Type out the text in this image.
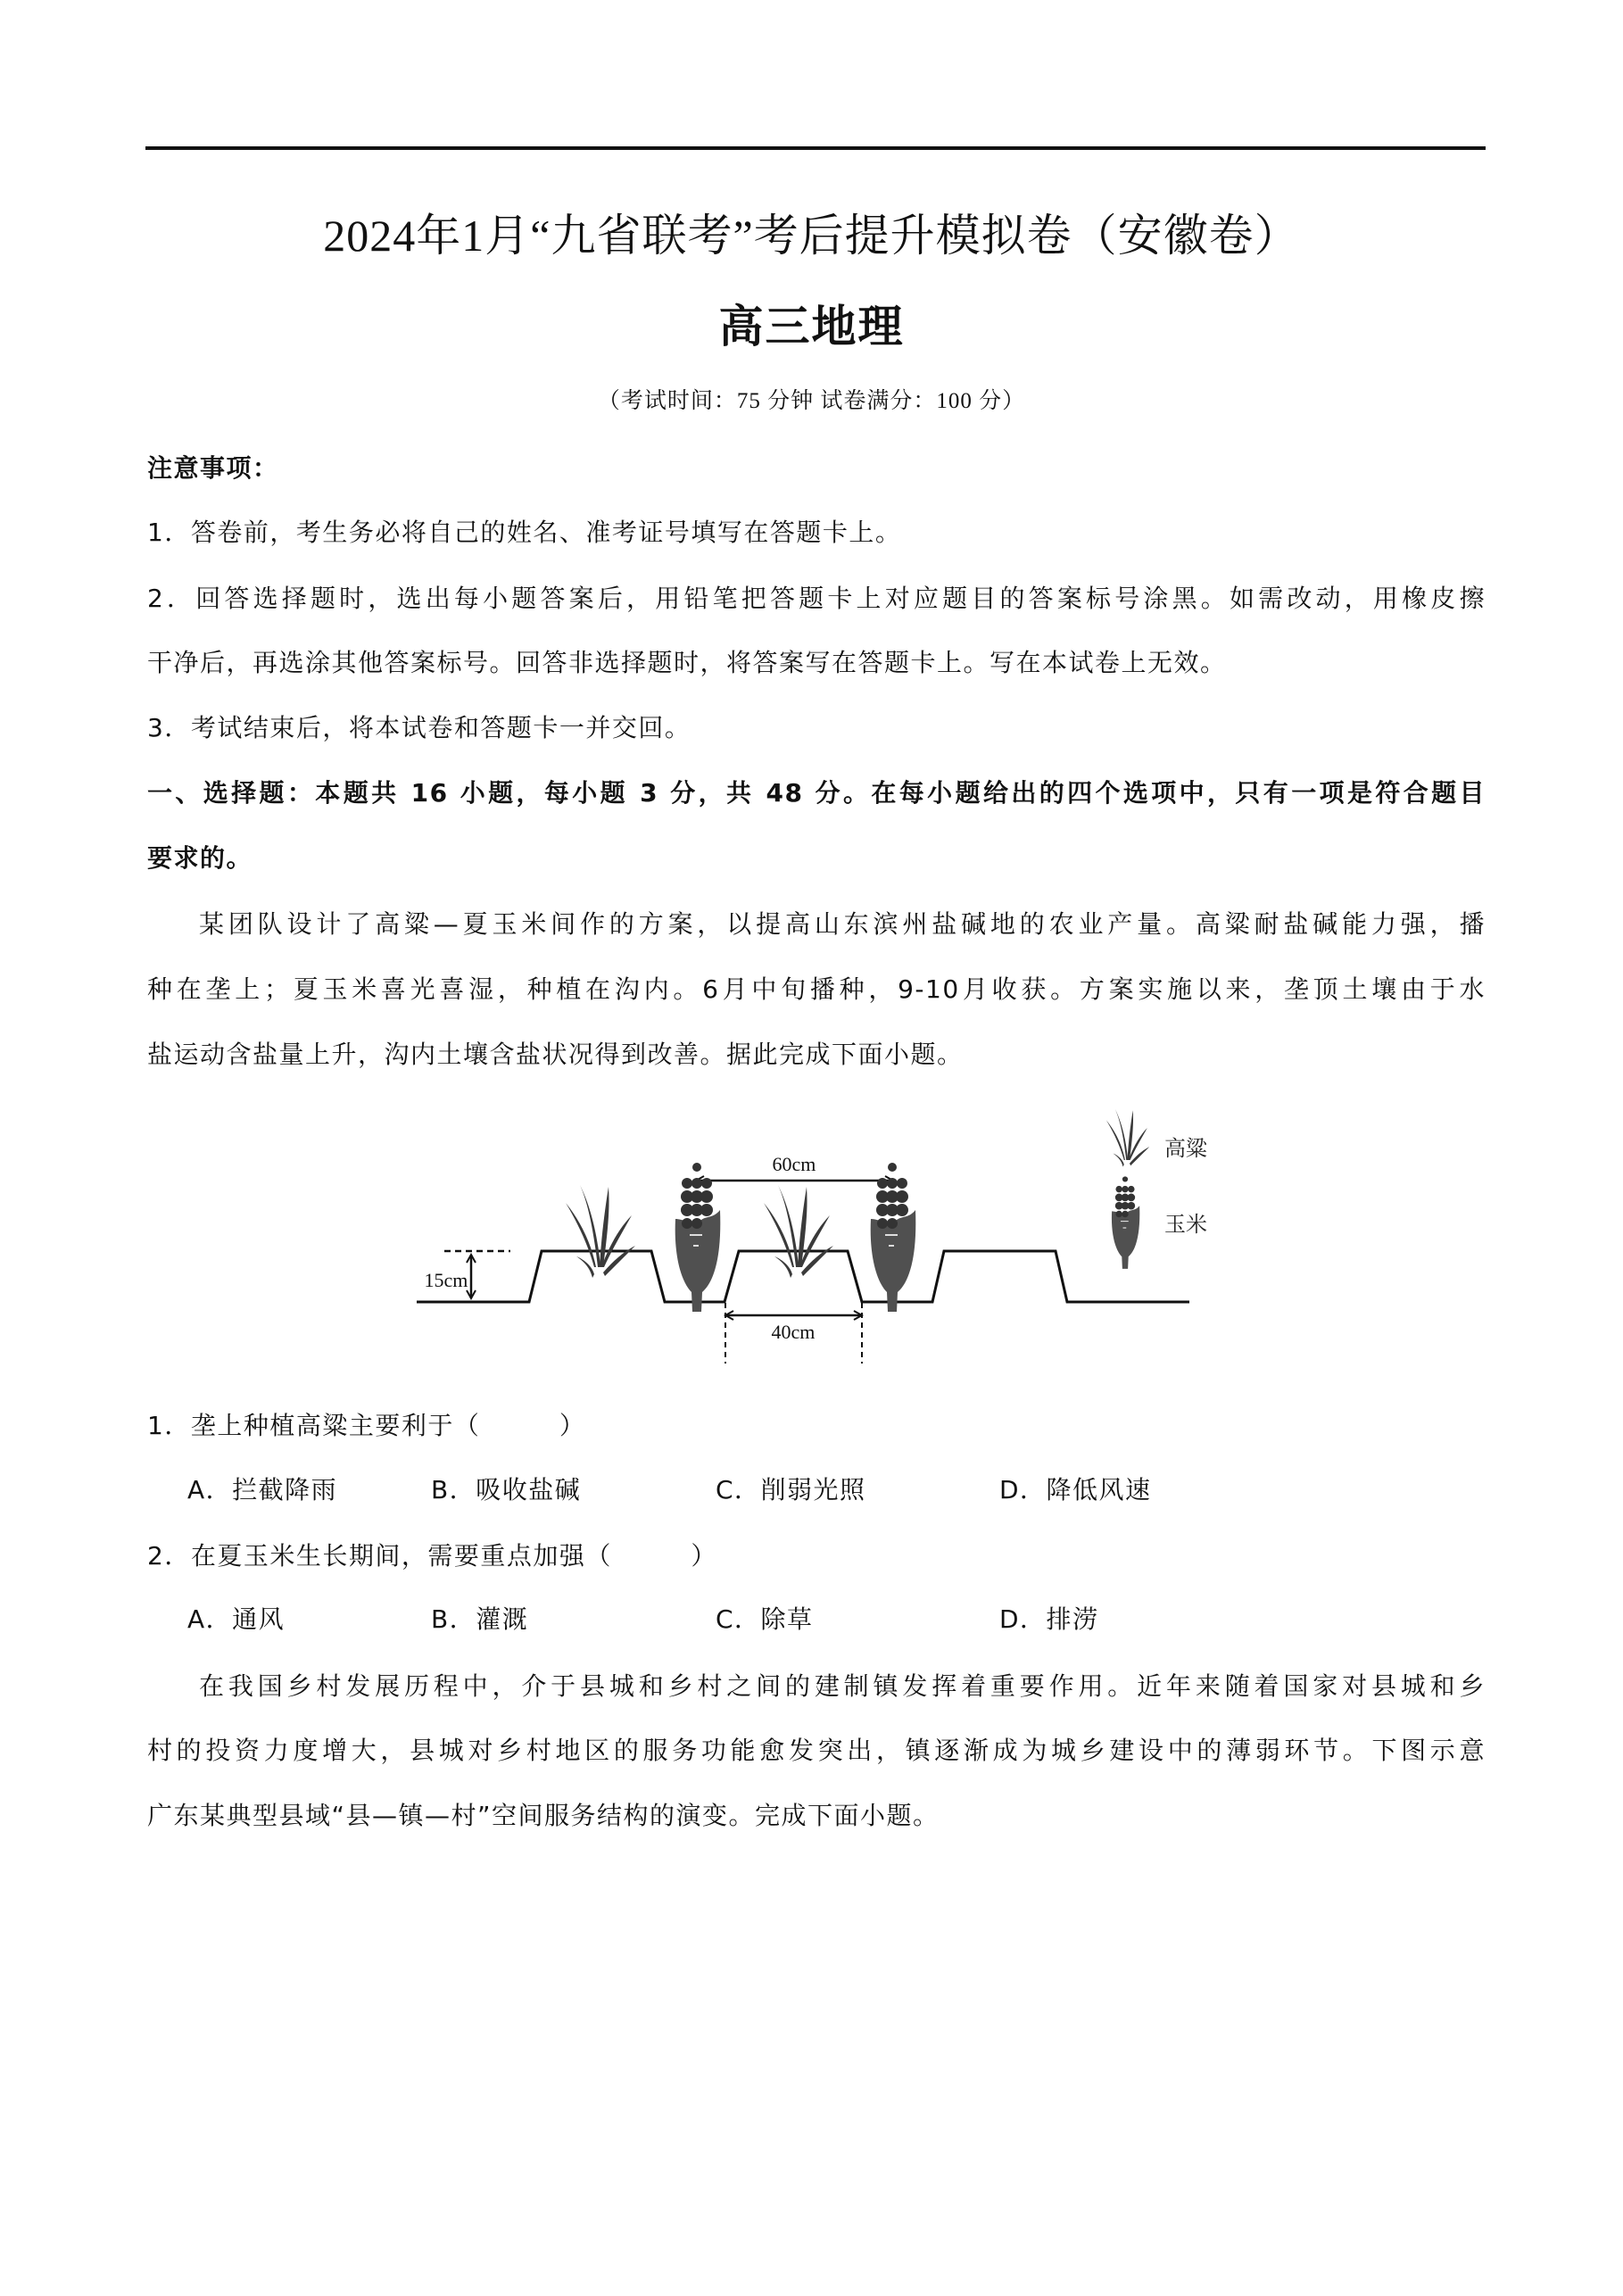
2024年1月“九省联考”考后提升模拟卷（安徽卷）
高三地理
（考试时间：75 分钟 试卷满分：100 分）
注意事项：
1．答卷前，考生务必将自己的姓名、准考证号填写在答题卡上。
2．回答选择题时，选出每小题答案后，用铅笔把答题卡上对应题目的答案标号涂黑。如需改动，用橡皮擦
干净后，再选涂其他答案标号。回答非选择题时，将答案写在答题卡上。写在本试卷上无效。
3．考试结束后，将本试卷和答题卡一并交回。
一、选择题：本题共 16 小题，每小题 3 分，共 48 分。在每小题给出的四个选项中，只有一项是符合题目
要求的。
某团队设计了高粱—夏玉米间作的方案，以提高山东滨州盐碱地的农业产量。高粱耐盐碱能力强，播
种在垄上；夏玉米喜光喜湿，种植在沟内。6月中旬播种，9-10月收获。方案实施以来，垄顶土壤由于水
盐运动含盐量上升，沟内土壤含盐状况得到改善。据此完成下面小题。
15cm
60cm
40cm
高粱
玉米
1．垄上种植高粱主要利于（　　　）
A．拦截降雨	B．吸收盐碱	C．削弱光照	D．降低风速
2．在夏玉米生长期间，需要重点加强（　　　）
A．通风	B．灌溉	C．除草	D．排涝
在我国乡村发展历程中，介于县城和乡村之间的建制镇发挥着重要作用。近年来随着国家对县城和乡
村的投资力度增大，县城对乡村地区的服务功能愈发突出，镇逐渐成为城乡建设中的薄弱环节。下图示意
广东某典型县域“县—镇—村”空间服务结构的演变。完成下面小题。
